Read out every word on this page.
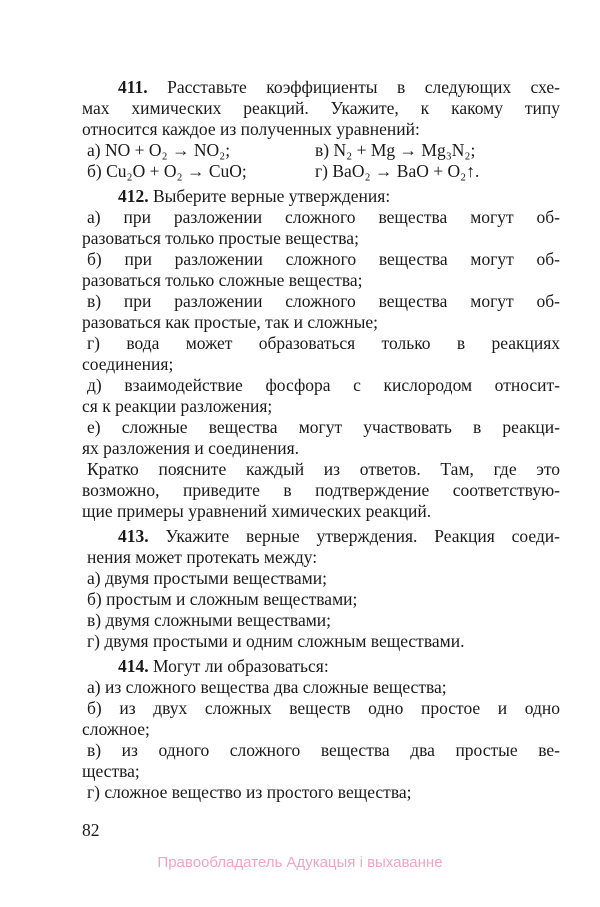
411. Расставьте коэффициенты в следующих схе-
мах химических реакций. Укажите, к какому типу
относится каждое из полученных уравнений:
а) NO + O₂ → NO₂;	в) N₂ + Mg → Mg₃N₂;
б) Cu₂O + O₂ → CuO;	г) BaO₂ → BaO + O₂↑.
412. Выберите верные утверждения:
а) при разложении сложного вещества могут об-
разоваться только простые вещества;
б) при разложении сложного вещества могут об-
разоваться только сложные вещества;
в) при разложении сложного вещества могут об-
разоваться как простые, так и сложные;
г) вода может образоваться только в реакциях
соединения;
д) взаимодействие фосфора с кислородом относит-
ся к реакции разложения;
е) сложные вещества могут участвовать в реакци-
ях разложения и соединения.
Кратко поясните каждый из ответов. Там, где это
возможно, приведите в подтверждение соответствую-
щие примеры уравнений химических реакций.
413. Укажите верные утверждения. Реакция соеди-
нения может протекать между:
а) двумя простыми веществами;
б) простым и сложным веществами;
в) двумя сложными веществами;
г) двумя простыми и одним сложным веществами.
414. Могут ли образоваться:
а) из сложного вещества два сложные вещества;
б) из двух сложных веществ одно простое и одно
сложное;
в) из одного сложного вещества два простые ве-
щества;
г) сложное вещество из простого вещества;
82
Правообладатель Адукацыя і выхаванне
